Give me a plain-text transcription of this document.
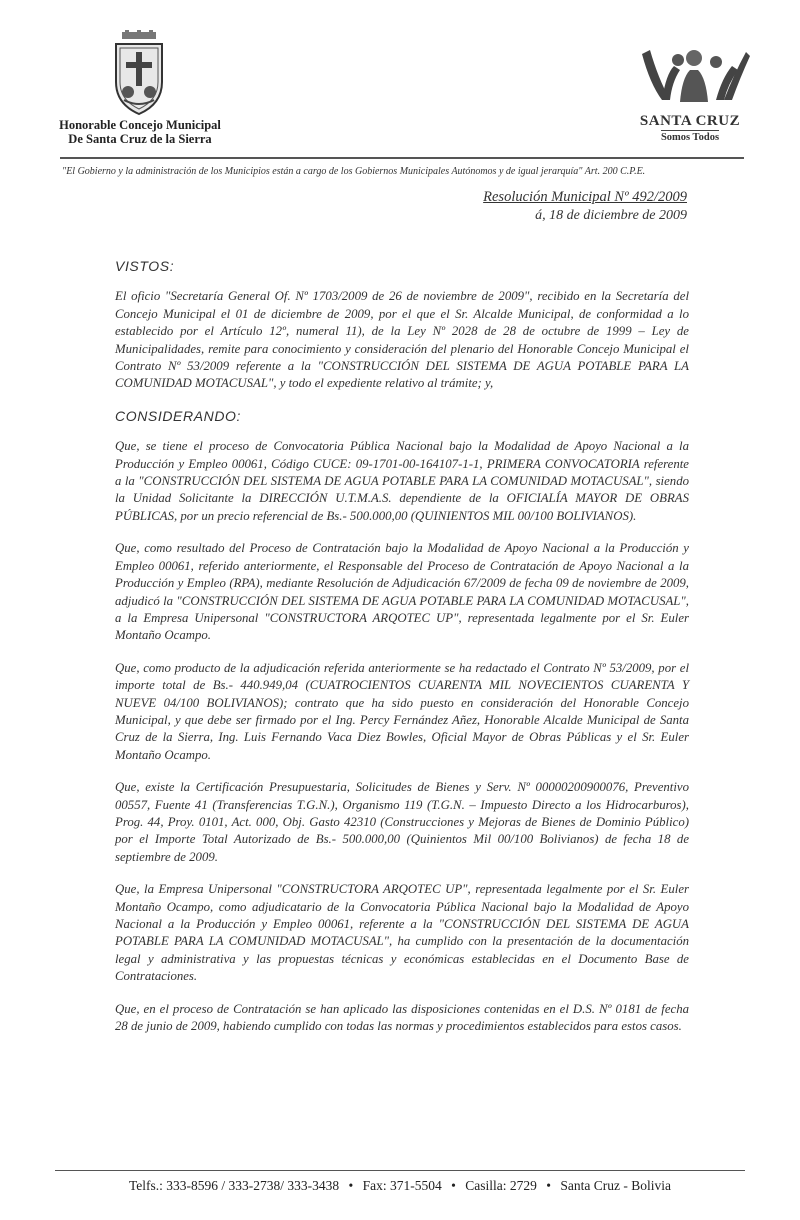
Honorable Concejo Municipal
De Santa Cruz de la Sierra
SANTA CRUZ
Somos Todos
"El Gobierno y la administración de los Municipios están a cargo de los Gobiernos Municipales Autónomos y de igual jerarquía" Art. 200 C.P.E.
Resolución Municipal Nº 492/2009
á, 18 de diciembre de 2009
VISTOS:

El oficio "Secretaría General Of. Nº 1703/2009 de 26 de noviembre de 2009", recibido en la Secretaría del Concejo Municipal el 01 de diciembre de 2009, por el que el Sr. Alcalde Municipal, de conformidad a lo establecido por el Artículo 12º, numeral 11), de la Ley Nº 2028 de 28 de octubre de 1999 – Ley de Municipalidades, remite para conocimiento y consideración del plenario del Honorable Concejo Municipal el Contrato Nº 53/2009 referente a la "CONSTRUCCIÓN DEL SISTEMA DE AGUA POTABLE PARA LA COMUNIDAD MOTACUSAL", y todo el expediente relativo al trámite; y,

CONSIDERANDO:

Que, se tiene el proceso de Convocatoria Pública Nacional bajo la Modalidad de Apoyo Nacional a la Producción y Empleo 00061, Código CUCE: 09-1701-00-164107-1-1, PRIMERA CONVOCATORIA referente a la "CONSTRUCCIÓN DEL SISTEMA DE AGUA POTABLE PARA LA COMUNIDAD MOTACUSAL", siendo la Unidad Solicitante la DIRECCIÓN U.T.M.A.S. dependiente de la OFICIALÍA MAYOR DE OBRAS PÚBLICAS, por un precio referencial de Bs.- 500.000,00 (QUINIENTOS MIL 00/100 BOLIVIANOS).

Que, como resultado del Proceso de Contratación bajo la Modalidad de Apoyo Nacional a la Producción y Empleo 00061, referido anteriormente, el Responsable del Proceso de Contratación de Apoyo Nacional a la Producción y Empleo (RPA), mediante Resolución de Adjudicación 67/2009 de fecha 09 de noviembre de 2009, adjudicó la "CONSTRUCCIÓN DEL SISTEMA DE AGUA POTABLE PARA LA COMUNIDAD MOTACUSAL", a la Empresa Unipersonal "CONSTRUCTORA ARQOTEC UP", representada legalmente por el Sr. Euler Montaño Ocampo.

Que, como producto de la adjudicación referida anteriormente se ha redactado el Contrato Nº 53/2009, por el importe total de Bs.- 440.949,04 (CUATROCIENTOS CUARENTA MIL NOVECIENTOS CUARENTA Y NUEVE 04/100 BOLIVIANOS); contrato que ha sido puesto en consideración del Honorable Concejo Municipal, y que debe ser firmado por el Ing. Percy Fernández Añez, Honorable Alcalde Municipal de Santa Cruz de la Sierra, Ing. Luis Fernando Vaca Diez Bowles, Oficial Mayor de Obras Públicas y el Sr. Euler Montaño Ocampo.

Que, existe la Certificación Presupuestaria, Solicitudes de Bienes y Serv. Nº 00000200900076, Preventivo 00557, Fuente 41 (Transferencias T.G.N.), Organismo 119 (T.G.N. – Impuesto Directo a los Hidrocarburos), Prog. 44, Proy. 0101, Act. 000, Obj. Gasto 42310 (Construcciones y Mejoras de Bienes de Dominio Público) por el Importe Total Autorizado de Bs.- 500.000,00 (Quinientos Mil 00/100 Bolivianos) de fecha 18 de septiembre de 2009.

Que, la Empresa Unipersonal "CONSTRUCTORA ARQOTEC UP", representada legalmente por el Sr. Euler Montaño Ocampo, como adjudicatario de la Convocatoria Pública Nacional bajo la Modalidad de Apoyo Nacional a la Producción y Empleo 00061, referente a la "CONSTRUCCIÓN DEL SISTEMA DE AGUA POTABLE PARA LA COMUNIDAD MOTACUSAL", ha cumplido con la presentación de la documentación legal y administrativa y las propuestas técnicas y económicas establecidas en el Documento Base de Contrataciones.

Que, en el proceso de Contratación se han aplicado las disposiciones contenidas en el D.S. Nº 0181 de fecha 28 de junio de 2009, habiendo cumplido con todas las normas y procedimientos establecidos para estos casos.

Telfs.: 333-8596 / 333-2738/ 333-3438 • Fax: 371-5504 • Casilla: 2729 • Santa Cruz - Bolivia
